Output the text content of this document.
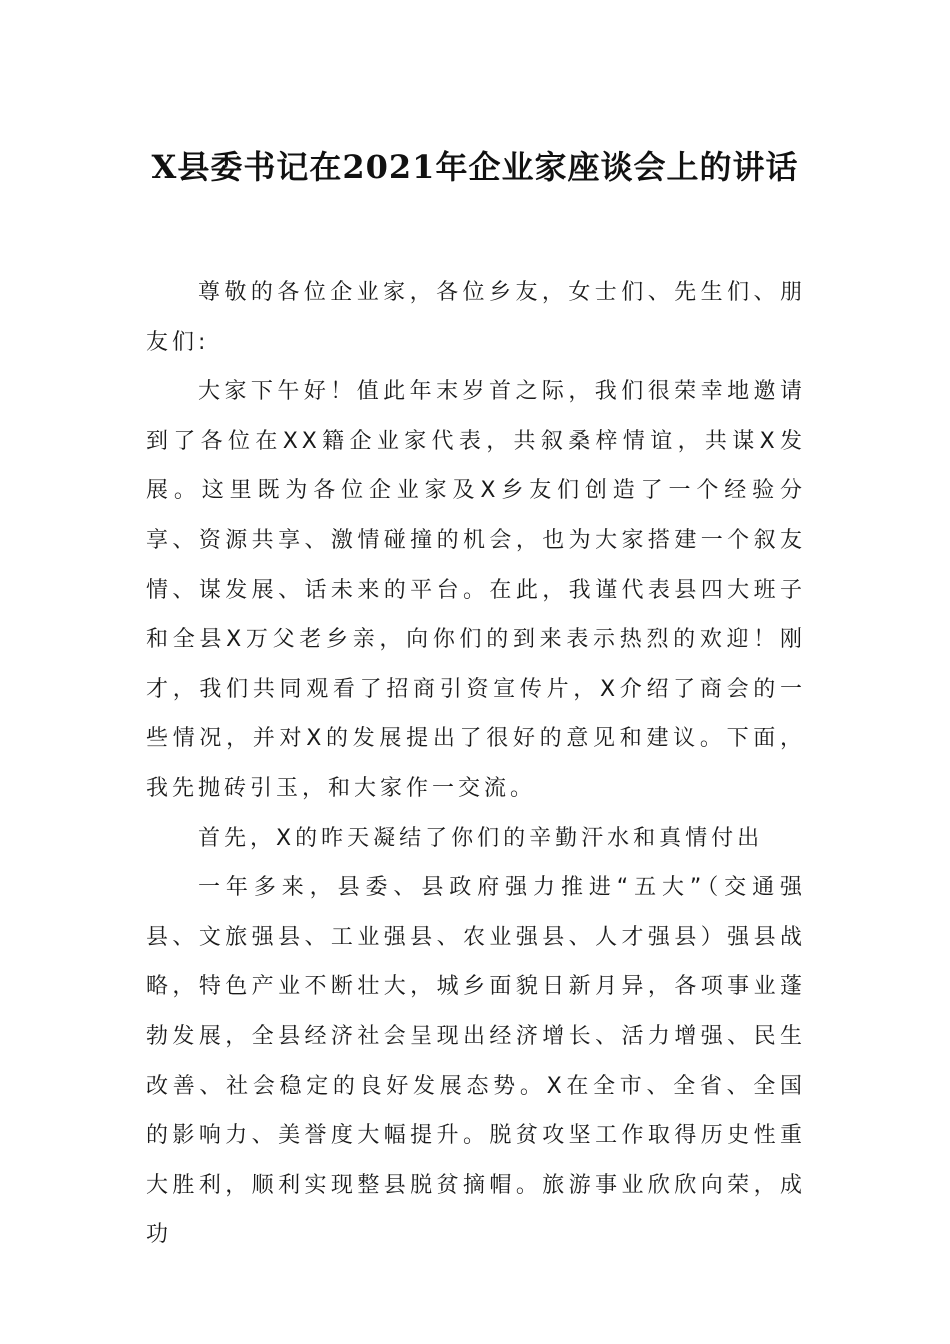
X县委书记在2021年企业家座谈会上的讲话

尊敬的各位企业家，各位乡友，女士们、先生们、朋友们:

大家下午好！值此年末岁首之际，我们很荣幸地邀请到了各位在XX籍企业家代表，共叙桑梓情谊，共谋X发展。这里既为各位企业家及X乡友们创造了一个经验分享、资源共享、激情碰撞的机会，也为大家搭建一个叙友情、谋发展、话未来的平台。在此，我谨代表县四大班子和全县X万父老乡亲，向你们的到来表示热烈的欢迎！刚才，我们共同观看了招商引资宣传片，X介绍了商会的一些情况，并对X的发展提出了很好的意见和建议。下面，我先抛砖引玉，和大家作一交流。

首先，X的昨天凝结了你们的辛勤汗水和真情付出

一年多来，县委、县政府强力推进“五大”（交通强县、文旅强县、工业强县、农业强县、人才强县）强县战略，特色产业不断壮大，城乡面貌日新月异，各项事业蓬勃发展，全县经济社会呈现出经济增长、活力增强、民生改善、社会稳定的良好发展态势。X在全市、全省、全国的影响力、美誉度大幅提升。脱贫攻坚工作取得历史性重大胜利，顺利实现整县脱贫摘帽。旅游事业欣欣向荣，成功
